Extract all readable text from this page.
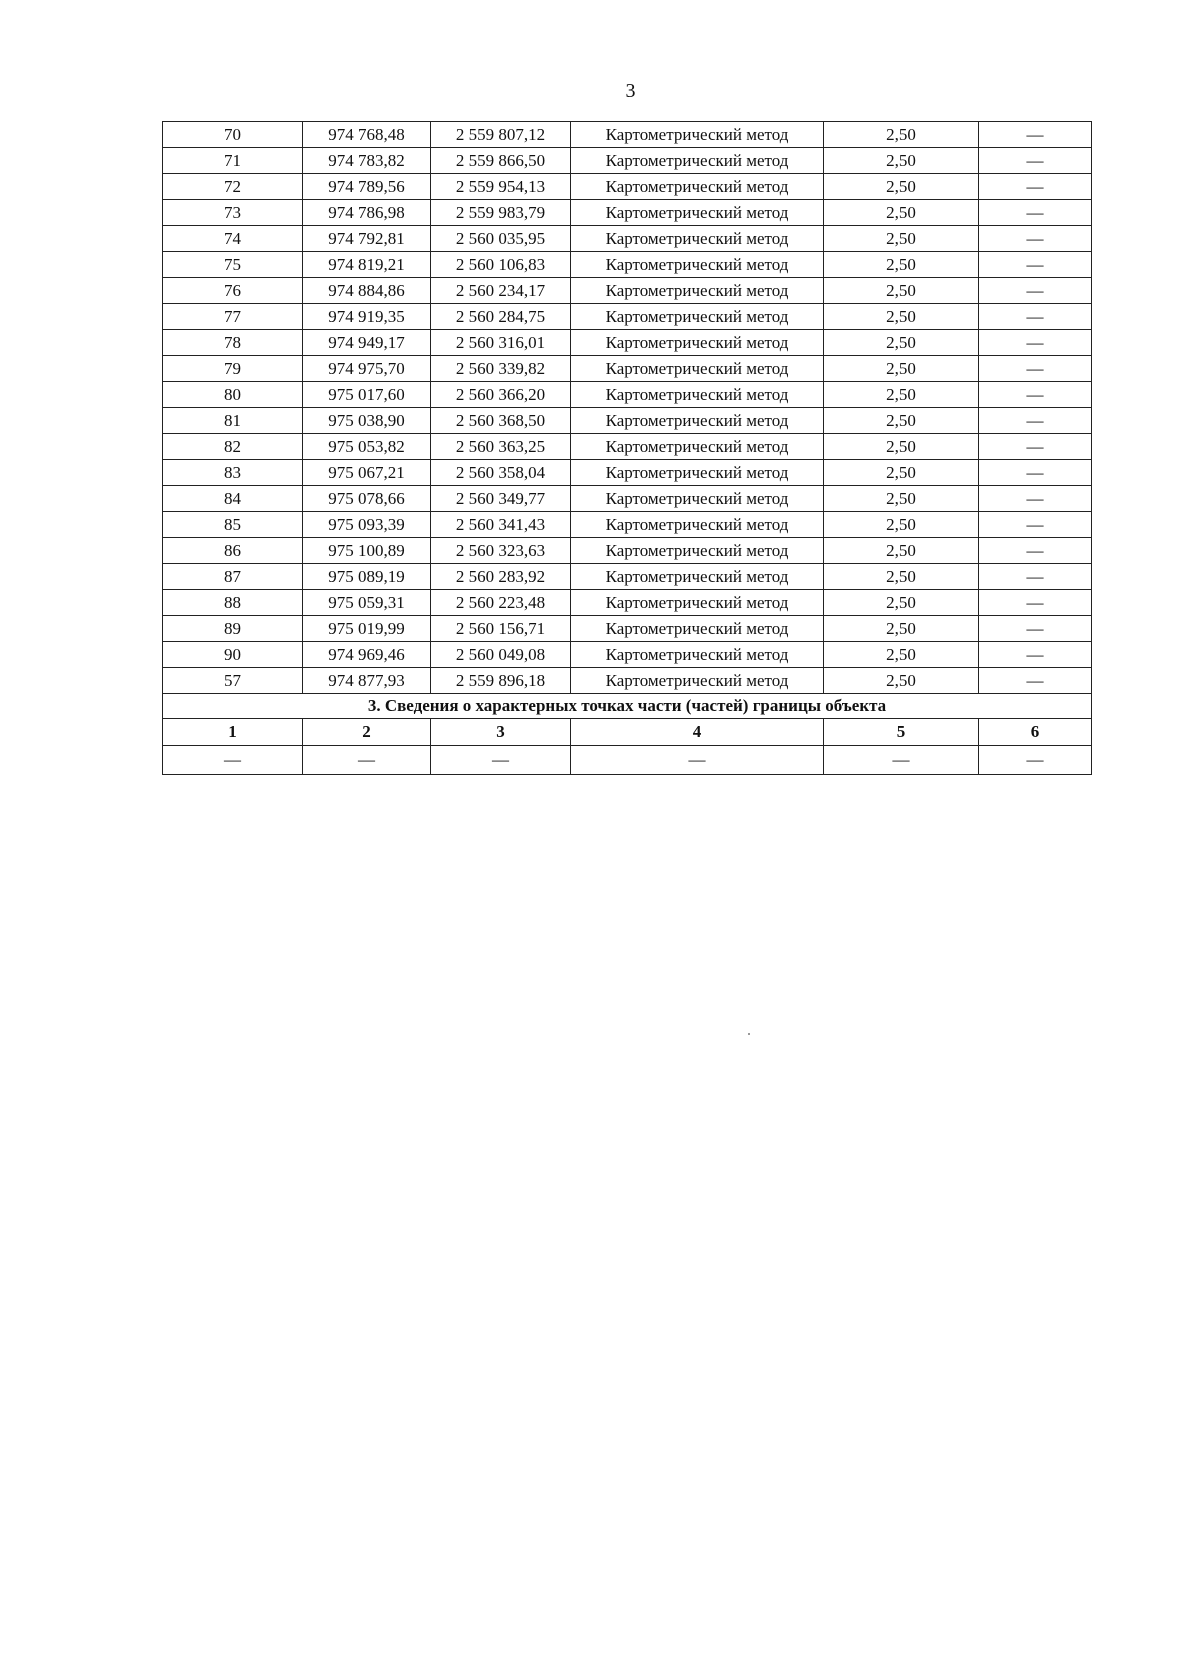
3
70	974 768,48	2 559 807,12	Картометрический метод	2,50	—
71	974 783,82	2 559 866,50	Картометрический метод	2,50	—
72	974 789,56	2 559 954,13	Картометрический метод	2,50	—
73	974 786,98	2 559 983,79	Картометрический метод	2,50	—
74	974 792,81	2 560 035,95	Картометрический метод	2,50	—
75	974 819,21	2 560 106,83	Картометрический метод	2,50	—
76	974 884,86	2 560 234,17	Картометрический метод	2,50	—
77	974 919,35	2 560 284,75	Картометрический метод	2,50	—
78	974 949,17	2 560 316,01	Картометрический метод	2,50	—
79	974 975,70	2 560 339,82	Картометрический метод	2,50	—
80	975 017,60	2 560 366,20	Картометрический метод	2,50	—
81	975 038,90	2 560 368,50	Картометрический метод	2,50	—
82	975 053,82	2 560 363,25	Картометрический метод	2,50	—
83	975 067,21	2 560 358,04	Картометрический метод	2,50	—
84	975 078,66	2 560 349,77	Картометрический метод	2,50	—
85	975 093,39	2 560 341,43	Картометрический метод	2,50	—
86	975 100,89	2 560 323,63	Картометрический метод	2,50	—
87	975 089,19	2 560 283,92	Картометрический метод	2,50	—
88	975 059,31	2 560 223,48	Картометрический метод	2,50	—
89	975 019,99	2 560 156,71	Картометрический метод	2,50	—
90	974 969,46	2 560 049,08	Картометрический метод	2,50	—
57	974 877,93	2 559 896,18	Картометрический метод	2,50	—
3. Сведения о характерных точках части (частей) границы объекта					
1	2	3	4	5	6
—	—	—	—	—	—
